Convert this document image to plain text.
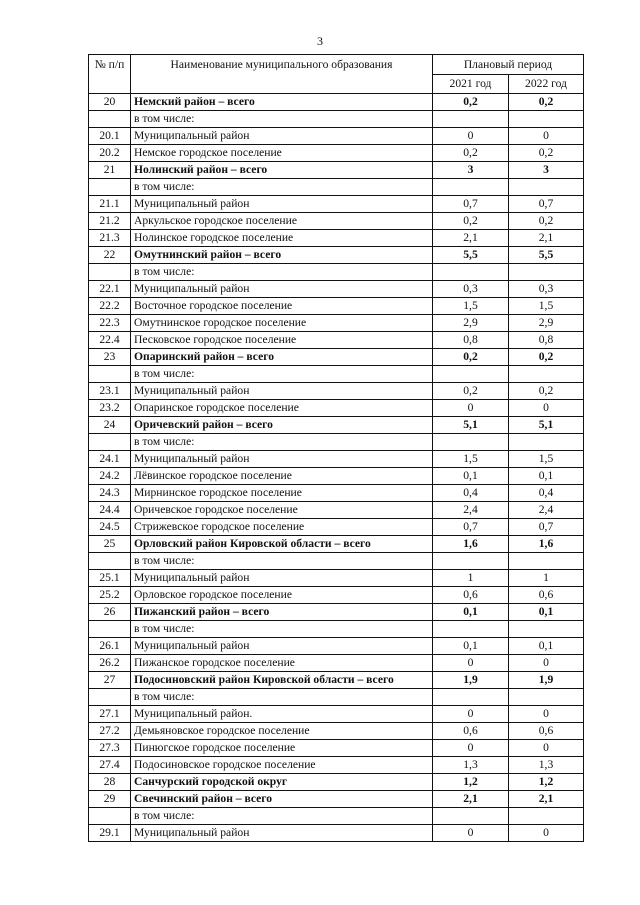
3
№ п/п	Наименование муниципального образования	Плановый период	
		2021 год	2022 год
20	Немский район – всего	0,2	0,2
	в том числе:		
20.1	Муниципальный район	0	0
20.2	Немское городское поселение	0,2	0,2
21	Нолинский район – всего	3	3
	в том числе:		
21.1	Муниципальный район	0,7	0,7
21.2	Аркульское городское поселение	0,2	0,2
21.3	Нолинское городское поселение	2,1	2,1
22	Омутнинский район – всего	5,5	5,5
	в том числе:		
22.1	Муниципальный район	0,3	0,3
22.2	Восточное городское поселение	1,5	1,5
22.3	Омутнинское городское поселение	2,9	2,9
22.4	Песковское городское поселение	0,8	0,8
23	Опаринский район – всего	0,2	0,2
	в том числе:		
23.1	Муниципальный район	0,2	0,2
23.2	Опаринское городское поселение	0	0
24	Оричевский район – всего	5,1	5,1
	в том числе:		
24.1	Муниципальный район	1,5	1,5
24.2	Лёвинское городское поселение	0,1	0,1
24.3	Мирнинское городское поселение	0,4	0,4
24.4	Оричевское городское поселение	2,4	2,4
24.5	Стрижевское городское поселение	0,7	0,7
25	Орловский район Кировской области – всего	1,6	1,6
	в том числе:		
25.1	Муниципальный район	1	1
25.2	Орловское городское поселение	0,6	0,6
26	Пижанский район – всего	0,1	0,1
	в том числе:		
26.1	Муниципальный район	0,1	0,1
26.2	Пижанское городское поселение	0	0
27	Подосиновский район Кировской области – всего	1,9	1,9
	в том числе:		
27.1	Муниципальный район.	0	0
27.2	Демьяновское городское поселение	0,6	0,6
27.3	Пинюгское городское поселение	0	0
27.4	Подосиновское городское поселение	1,3	1,3
28	Санчурский городской округ	1,2	1,2
29	Свечинский район – всего	2,1	2,1
	в том числе:		
29.1	Муниципальный район	0	0
